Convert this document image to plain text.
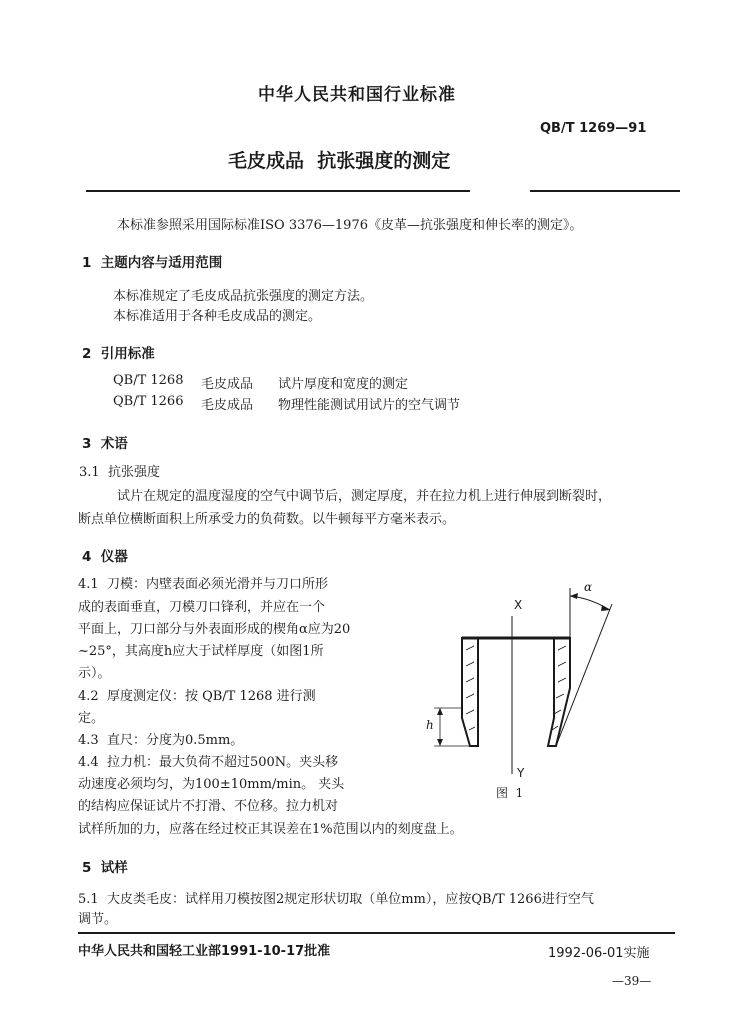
中华人民共和国行业标准
QB/T 1269—91
毛皮成品  抗张强度的测定
本标准参照采用国际标准ISO 3376—1976《皮革—抗张强度和伸长率的测定》。
1  主题内容与适用范围
本标准规定了毛皮成品抗张强度的测定方法。
本标准适用于各种毛皮成品的测定。
2  引用标准
QB/T 1268 毛皮成品 试片厚度和宽度的测定
QB/T 1266 毛皮成品 物理性能测试用试片的空气调节
3  术语
3.1  抗张强度
试片在规定的温度湿度的空气中调节后，测定厚度，并在拉力机上进行伸展到断裂时，
断点单位横断面积上所承受力的负荷数。以牛顿每平方毫米表示。
4  仪器
4.1  刀模：内壁表面必须光滑并与刀口所形
成的表面垂直，刀模刀口锋利，并应在一个
平面上，刀口部分与外表面形成的楔角α应为20
~25°，其高度h应大于试样厚度（如图1所
示）。
4.2  厚度测定仪：按 QB/T 1268 进行测
定。
4.3  直尺：分度为0.5mm。
4.4  拉力机：最大负荷不超过500N。夹头移
动速度必须均匀，为100±10mm/min。 夹头
的结构应保证试片不打滑、不位移。拉力机对
试样所加的力，应落在经过校正其误差在1%范围以内的刻度盘上。
X
α
h
Y
图  1
5  试样
5.1  大皮类毛皮：试样用刀模按图2规定形状切取（单位mm），应按QB/T 1266进行空气
调节。
中华人民共和国轻工业部1991-10-17批准	1992-06-01实施
—39—
